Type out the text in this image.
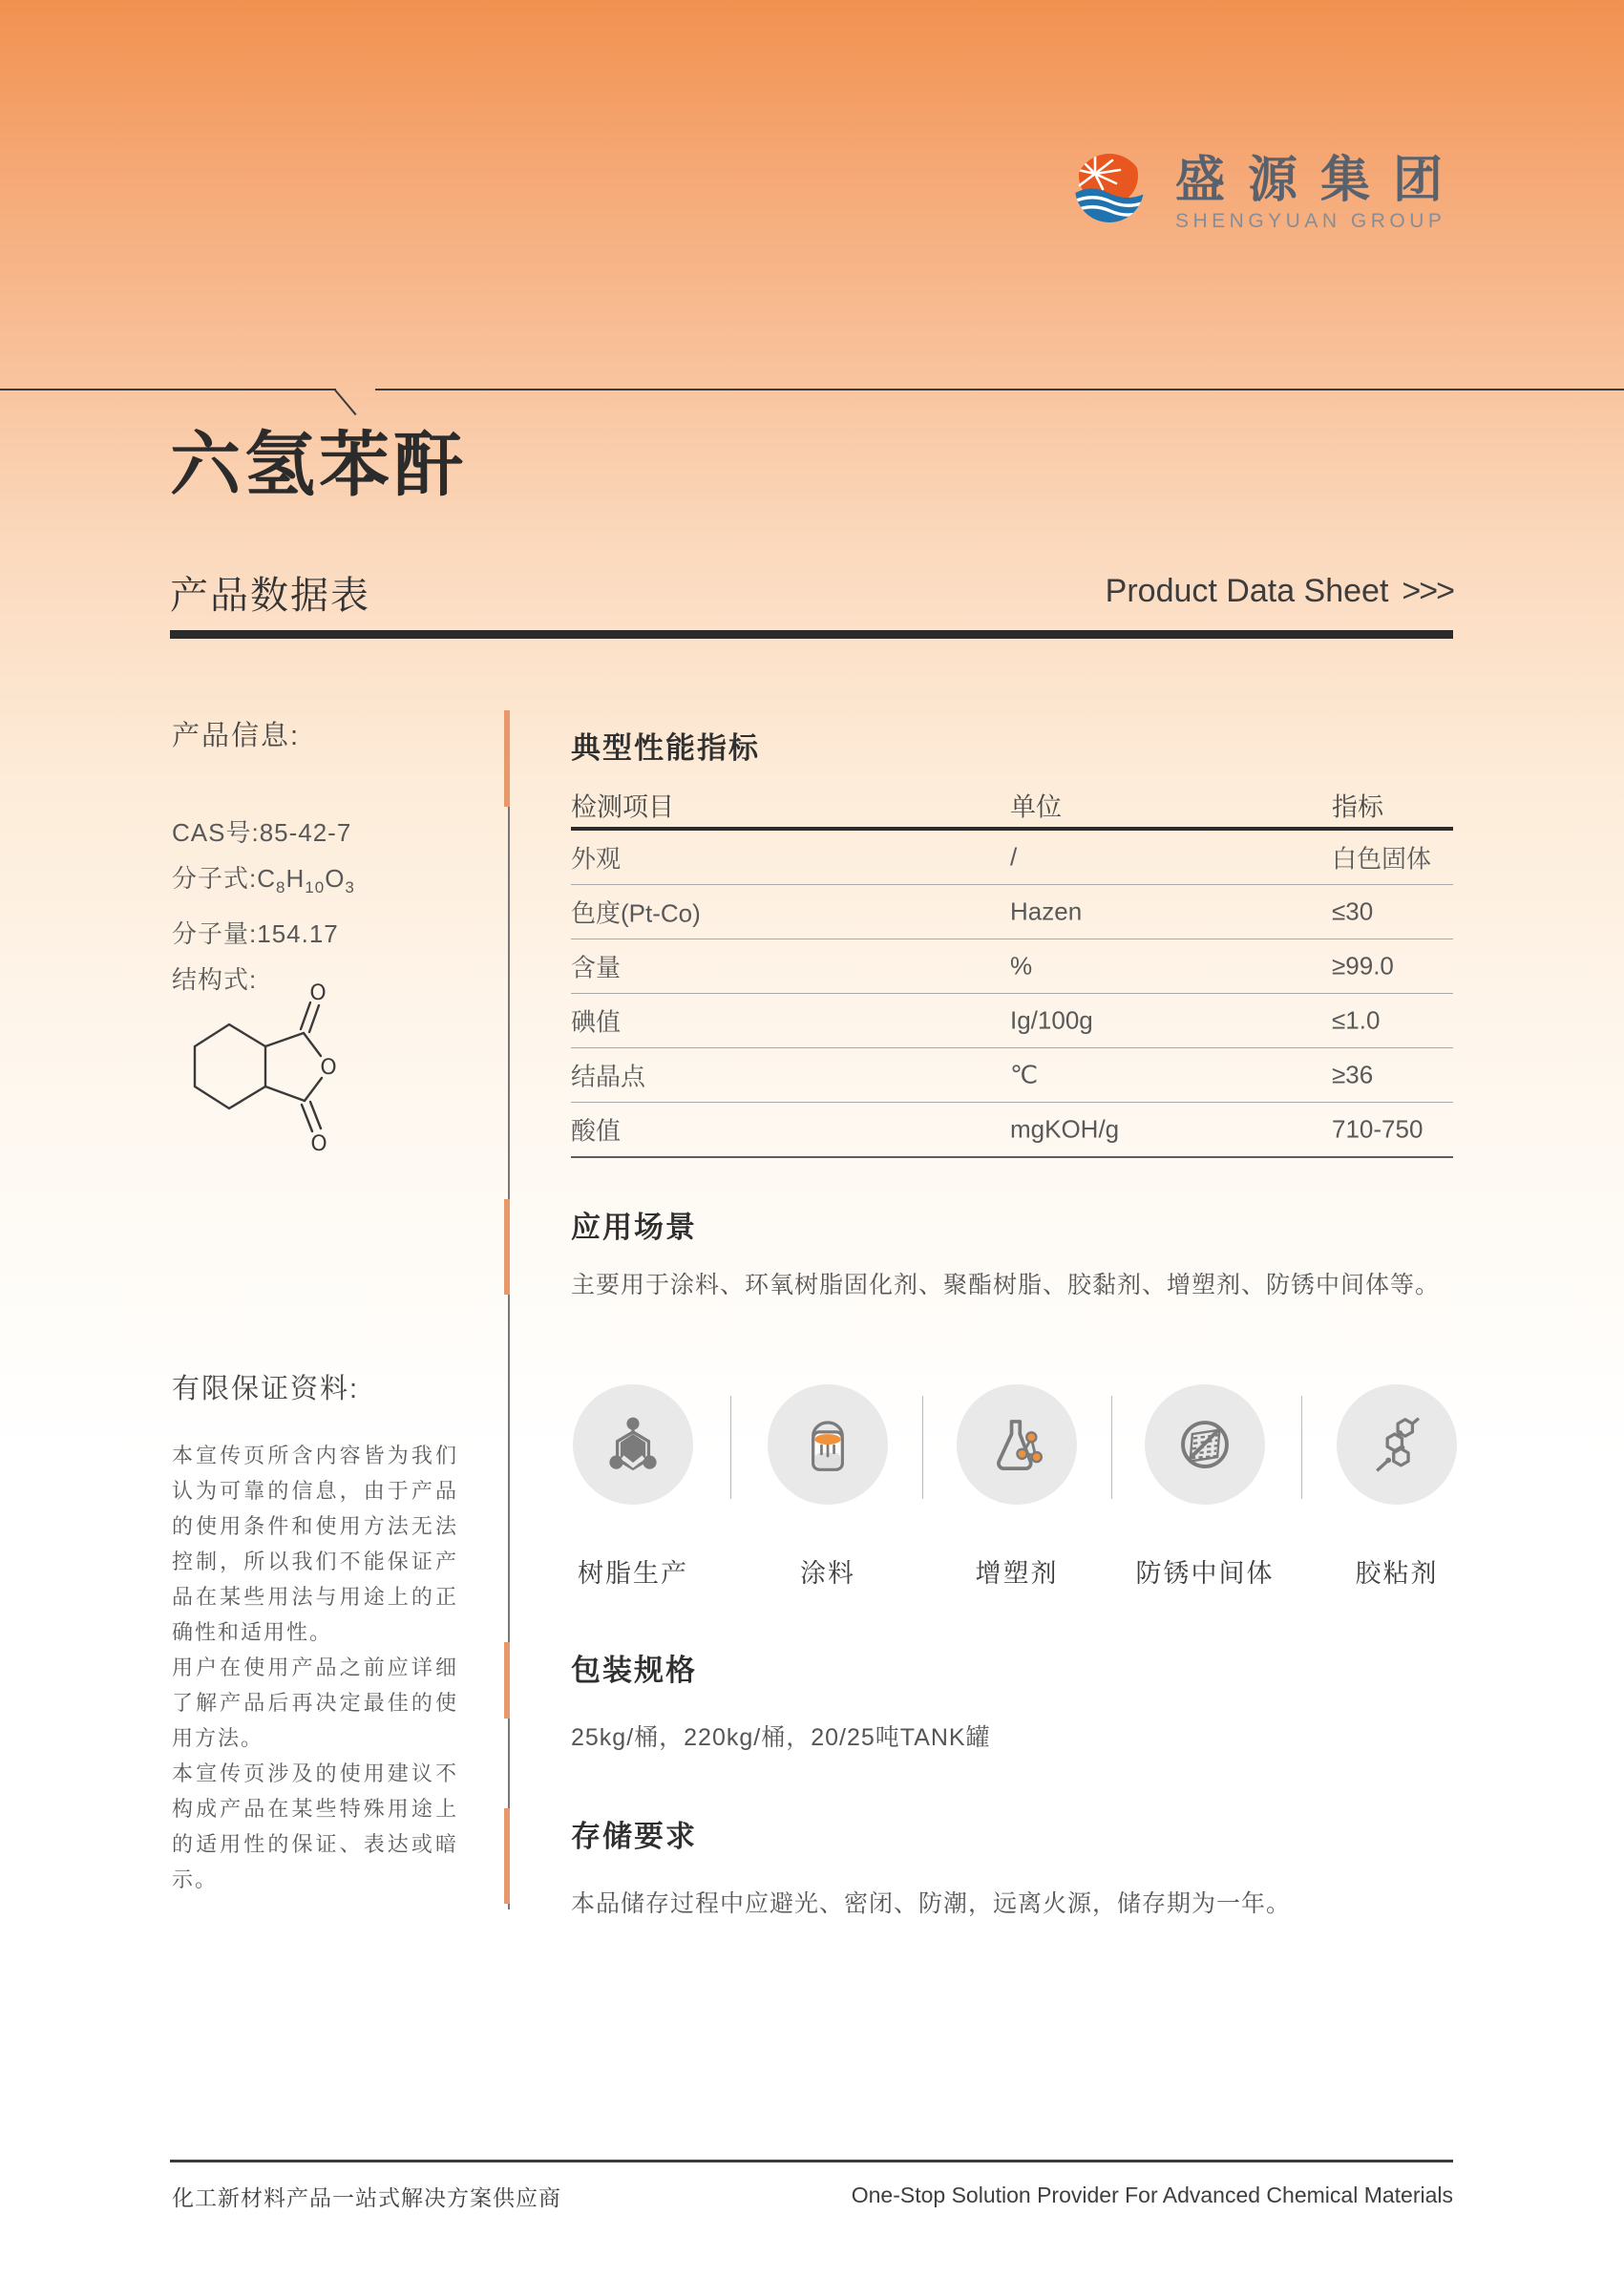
盛源集团
SHENGYUAN GROUP
六氢苯酐
产品数据表	Product Data Sheet >>>
产品信息:
CAS号:85-42-7
分子式$:C_8H_{10}O_3$
分子量:154.17
结构式:
O
O
O
有限保证资料:
本宣传页所含内容皆为我们认为可靠的信息，由于产品的使用条件和使用方法无法控制，所以我们不能保证产品在某些用法与用途上的正确性和适用性。
用户在使用产品之前应详细了解产品后再决定最佳的使用方法。
本宣传页涉及的使用建议不构成产品在某些特殊用途上的适用性的保证、表达或暗示。
典型性能指标
检测项目	单位	指标
外观	/	白色固体
色度(Pt-Co)	Hazen	≤30
含量	%	≥99.0
碘值	Ig/100g	≤1.0
结晶点	℃	≥36
酸值	mgKOH/g	710-750
应用场景
主要用于涂料、环氧树脂固化剂、聚酯树脂、胶黏剂、增塑剂、防锈中间体等。
树脂生产	涂料	增塑剂	防锈中间体	胶粘剂
包装规格
25kg/桶，220kg/桶，20/25吨TANK罐
存储要求
本品储存过程中应避光、密闭、防潮，远离火源，储存期为一年。
化工新材料产品一站式解决方案供应商	One-Stop Solution Provider For Advanced Chemical Materials
